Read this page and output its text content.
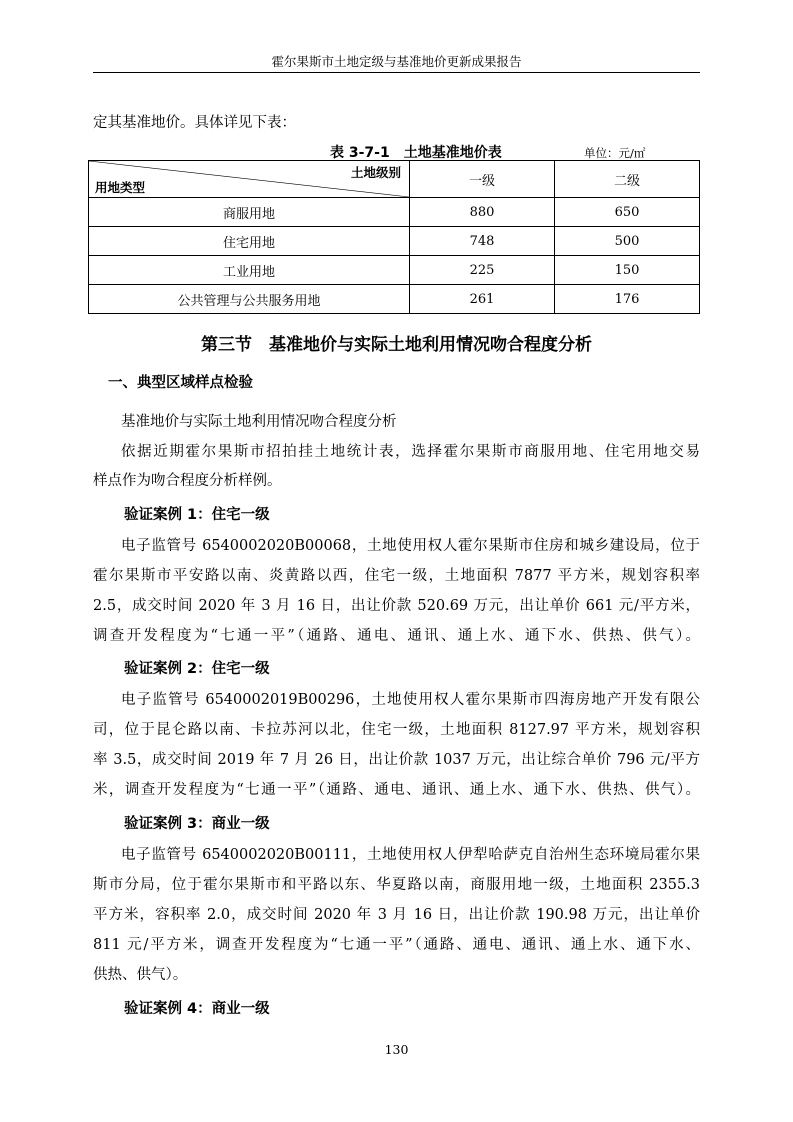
霍尔果斯市土地定级与基准地价更新成果报告
定其基准地价。具体详见下表：
表 3-7-1　土地基准地价表	单位：元/㎡
土地级别
用地类型	一级	二级
商服用地	880	650
住宅用地	748	500
工业用地	225	150
公共管理与公共服务用地	261	176
第三节　基准地价与实际土地利用情况吻合程度分析
一、典型区域样点检验
基准地价与实际土地利用情况吻合程度分析
依据近期霍尔果斯市招拍挂土地统计表，选择霍尔果斯市商服用地、住宅用地交易
样点作为吻合程度分析样例。
验证案例 1：住宅一级
电子监管号 6540002020B00068，土地使用权人霍尔果斯市住房和城乡建设局，位于
霍尔果斯市平安路以南、炎黄路以西，住宅一级，土地面积 7877 平方米，规划容积率
2.5，成交时间 2020 年 3 月 16 日，出让价款 520.69 万元，出让单价 661 元/平方米，
调查开发程度为“七通一平”（通路、通电、通讯、通上水、通下水、供热、供气）。
验证案例 2：住宅一级
电子监管号 6540002019B00296，土地使用权人霍尔果斯市四海房地产开发有限公
司，位于昆仑路以南、卡拉苏河以北，住宅一级，土地面积 8127.97 平方米，规划容积
率 3.5，成交时间 2019 年 7 月 26 日，出让价款 1037 万元，出让综合单价 796 元/平方
米，调查开发程度为“七通一平”（通路、通电、通讯、通上水、通下水、供热、供气）。
验证案例 3：商业一级
电子监管号 6540002020B00111，土地使用权人伊犁哈萨克自治州生态环境局霍尔果
斯市分局，位于霍尔果斯市和平路以东、华夏路以南，商服用地一级，土地面积 2355.3
平方米，容积率 2.0，成交时间 2020 年 3 月 16 日，出让价款 190.98 万元，出让单价
811 元/平方米，调查开发程度为“七通一平”（通路、通电、通讯、通上水、通下水、
供热、供气）。
验证案例 4：商业一级
130
